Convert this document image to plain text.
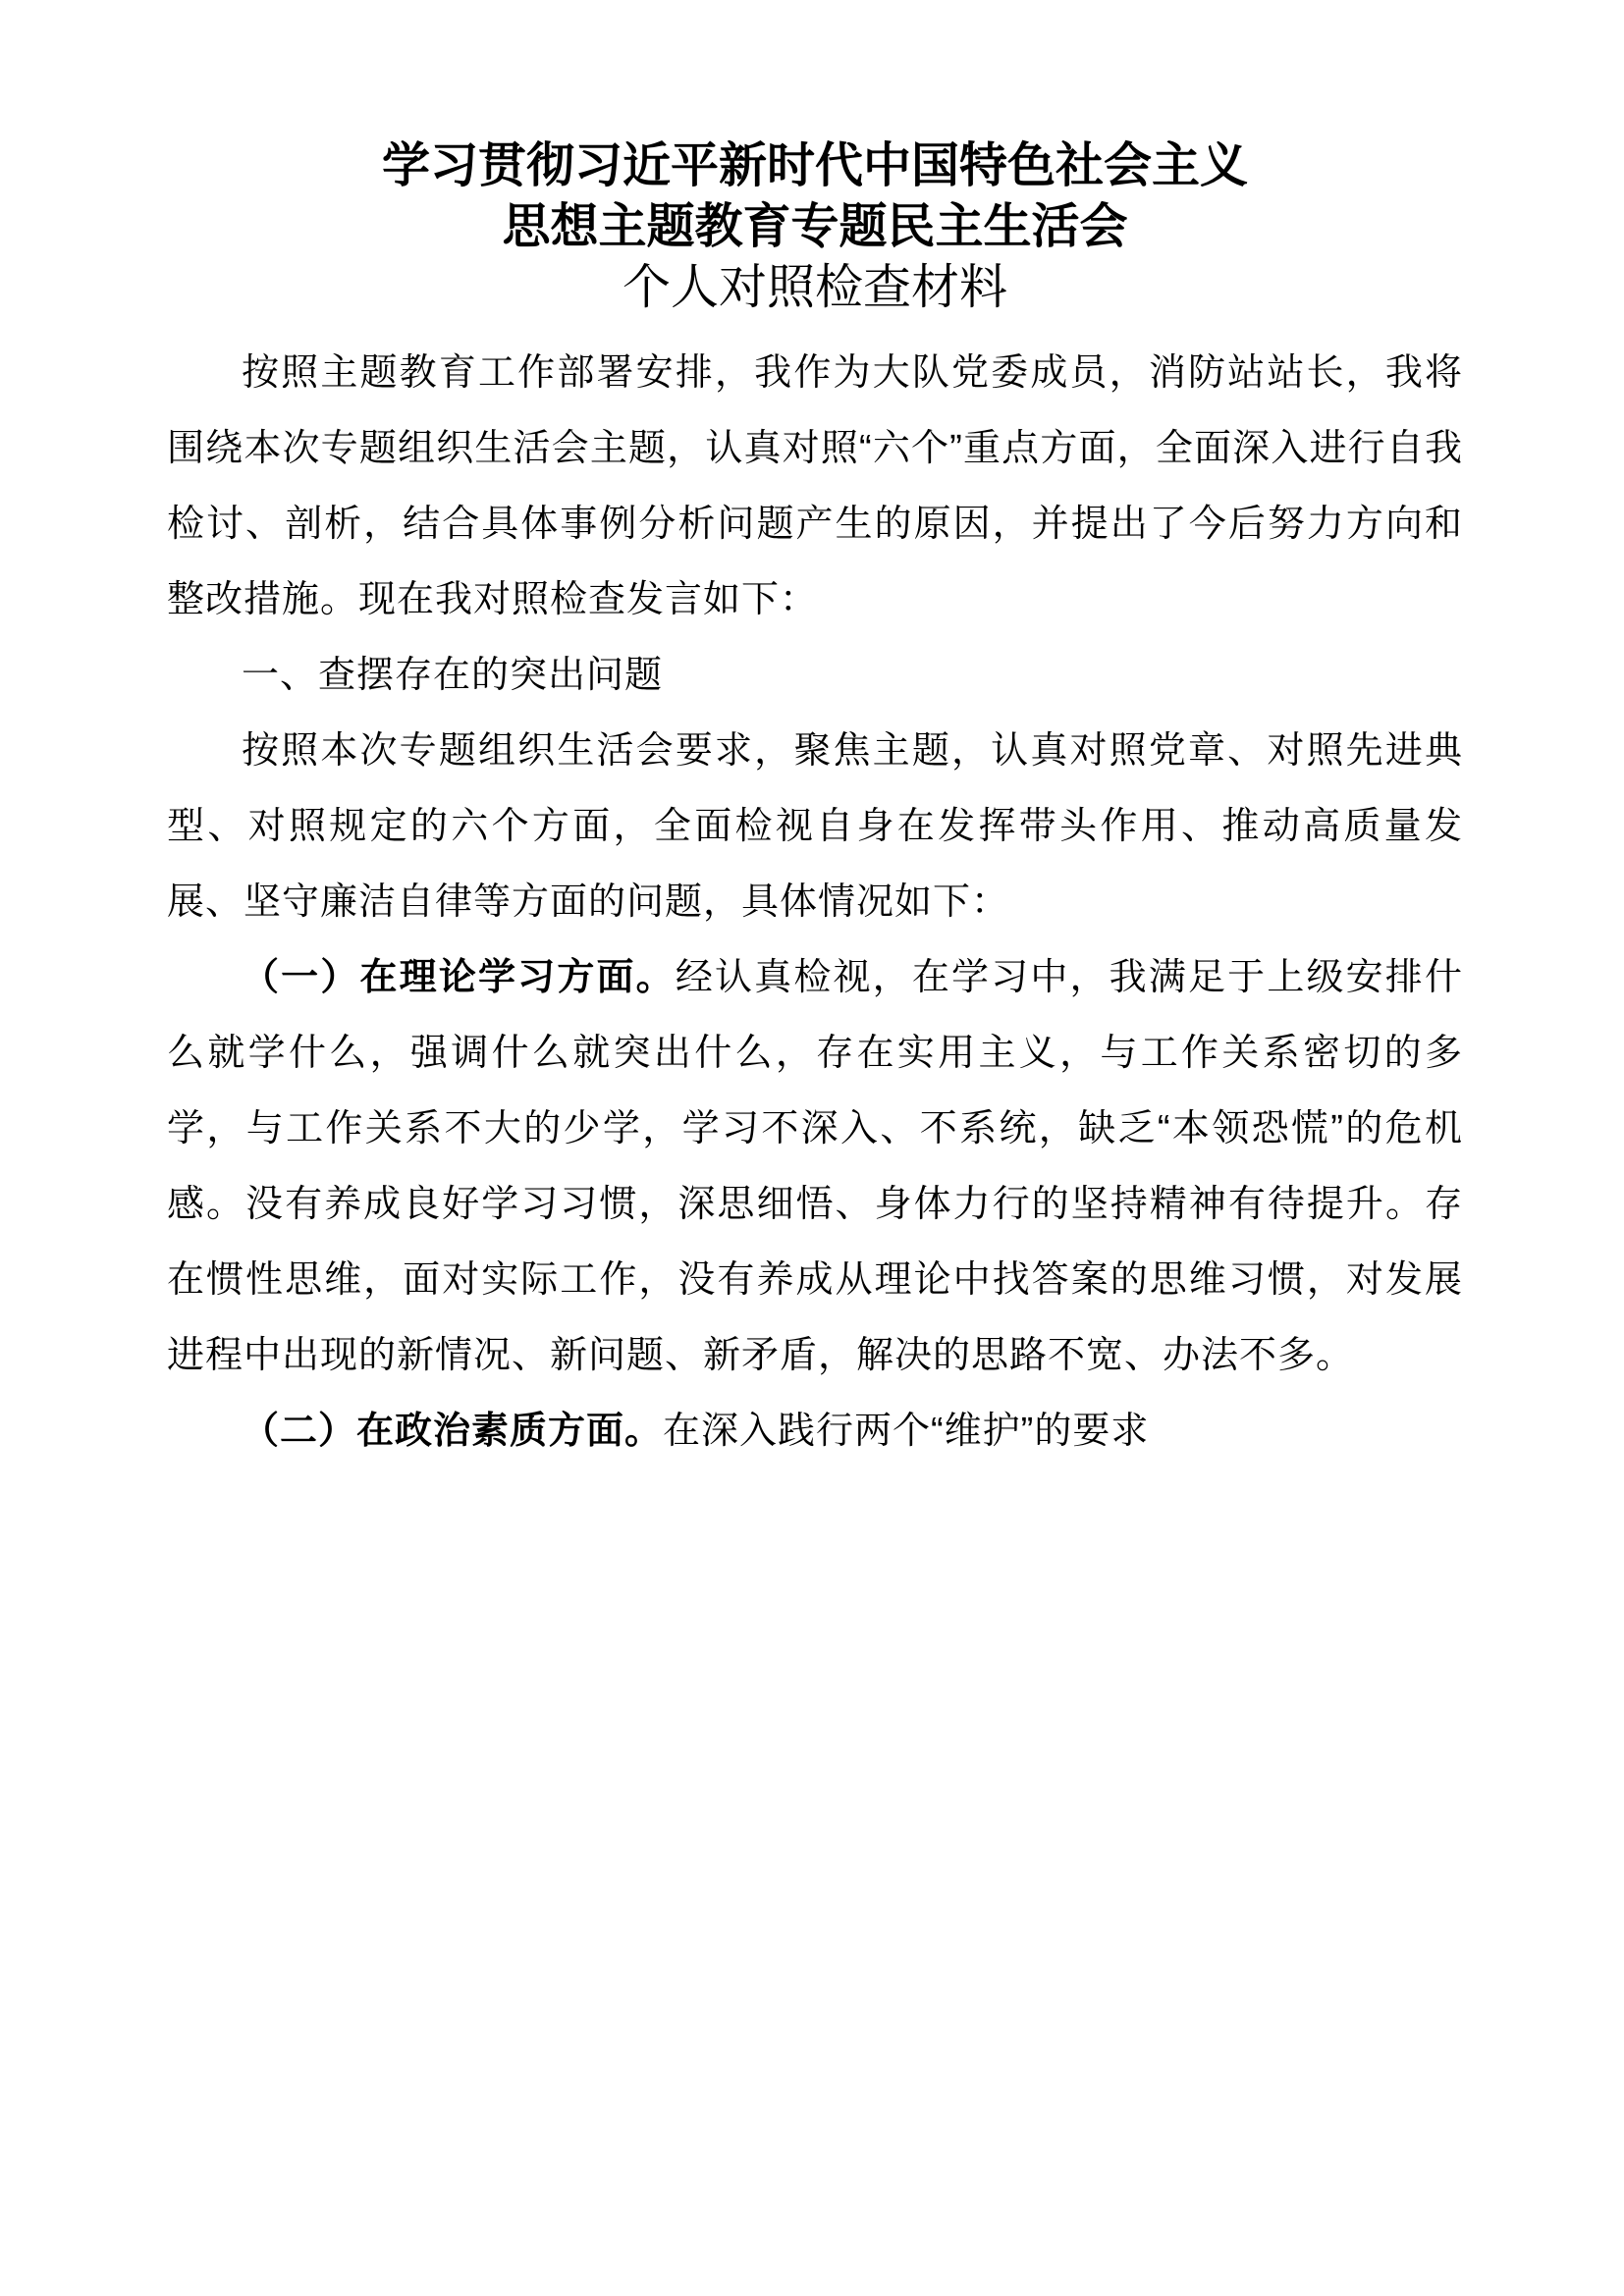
学习贯彻习近平新时代中国特色社会主义
思想主题教育专题民主生活会
个人对照检查材料

按照主题教育工作部署安排，我作为大队党委成员，消防站站长，我将围绕本次专题组织生活会主题，认真对照“六个”重点方面，全面深入进行自我检讨、剖析，结合具体事例分析问题产生的原因，并提出了今后努力方向和整改措施。现在我对照检查发言如下：

一、查摆存在的突出问题

按照本次专题组织生活会要求，聚焦主题，认真对照党章、对照先进典型、对照规定的六个方面，全面检视自身在发挥带头作用、推动高质量发展、坚守廉洁自律等方面的问题，具体情况如下：

（一）在理论学习方面。经认真检视，在学习中，我满足于上级安排什么就学什么，强调什么就突出什么，存在实用主义，与工作关系密切的多学，与工作关系不大的少学，学习不深入、不系统，缺乏“本领恐慌”的危机感。没有养成良好学习习惯，深思细悟、身体力行的坚持精神有待提升。存在惯性思维，面对实际工作，没有养成从理论中找答案的思维习惯，对发展进程中出现的新情况、新问题、新矛盾，解决的思路不宽、办法不多。

（二）在政治素质方面。在深入践行两个“维护”的要求
